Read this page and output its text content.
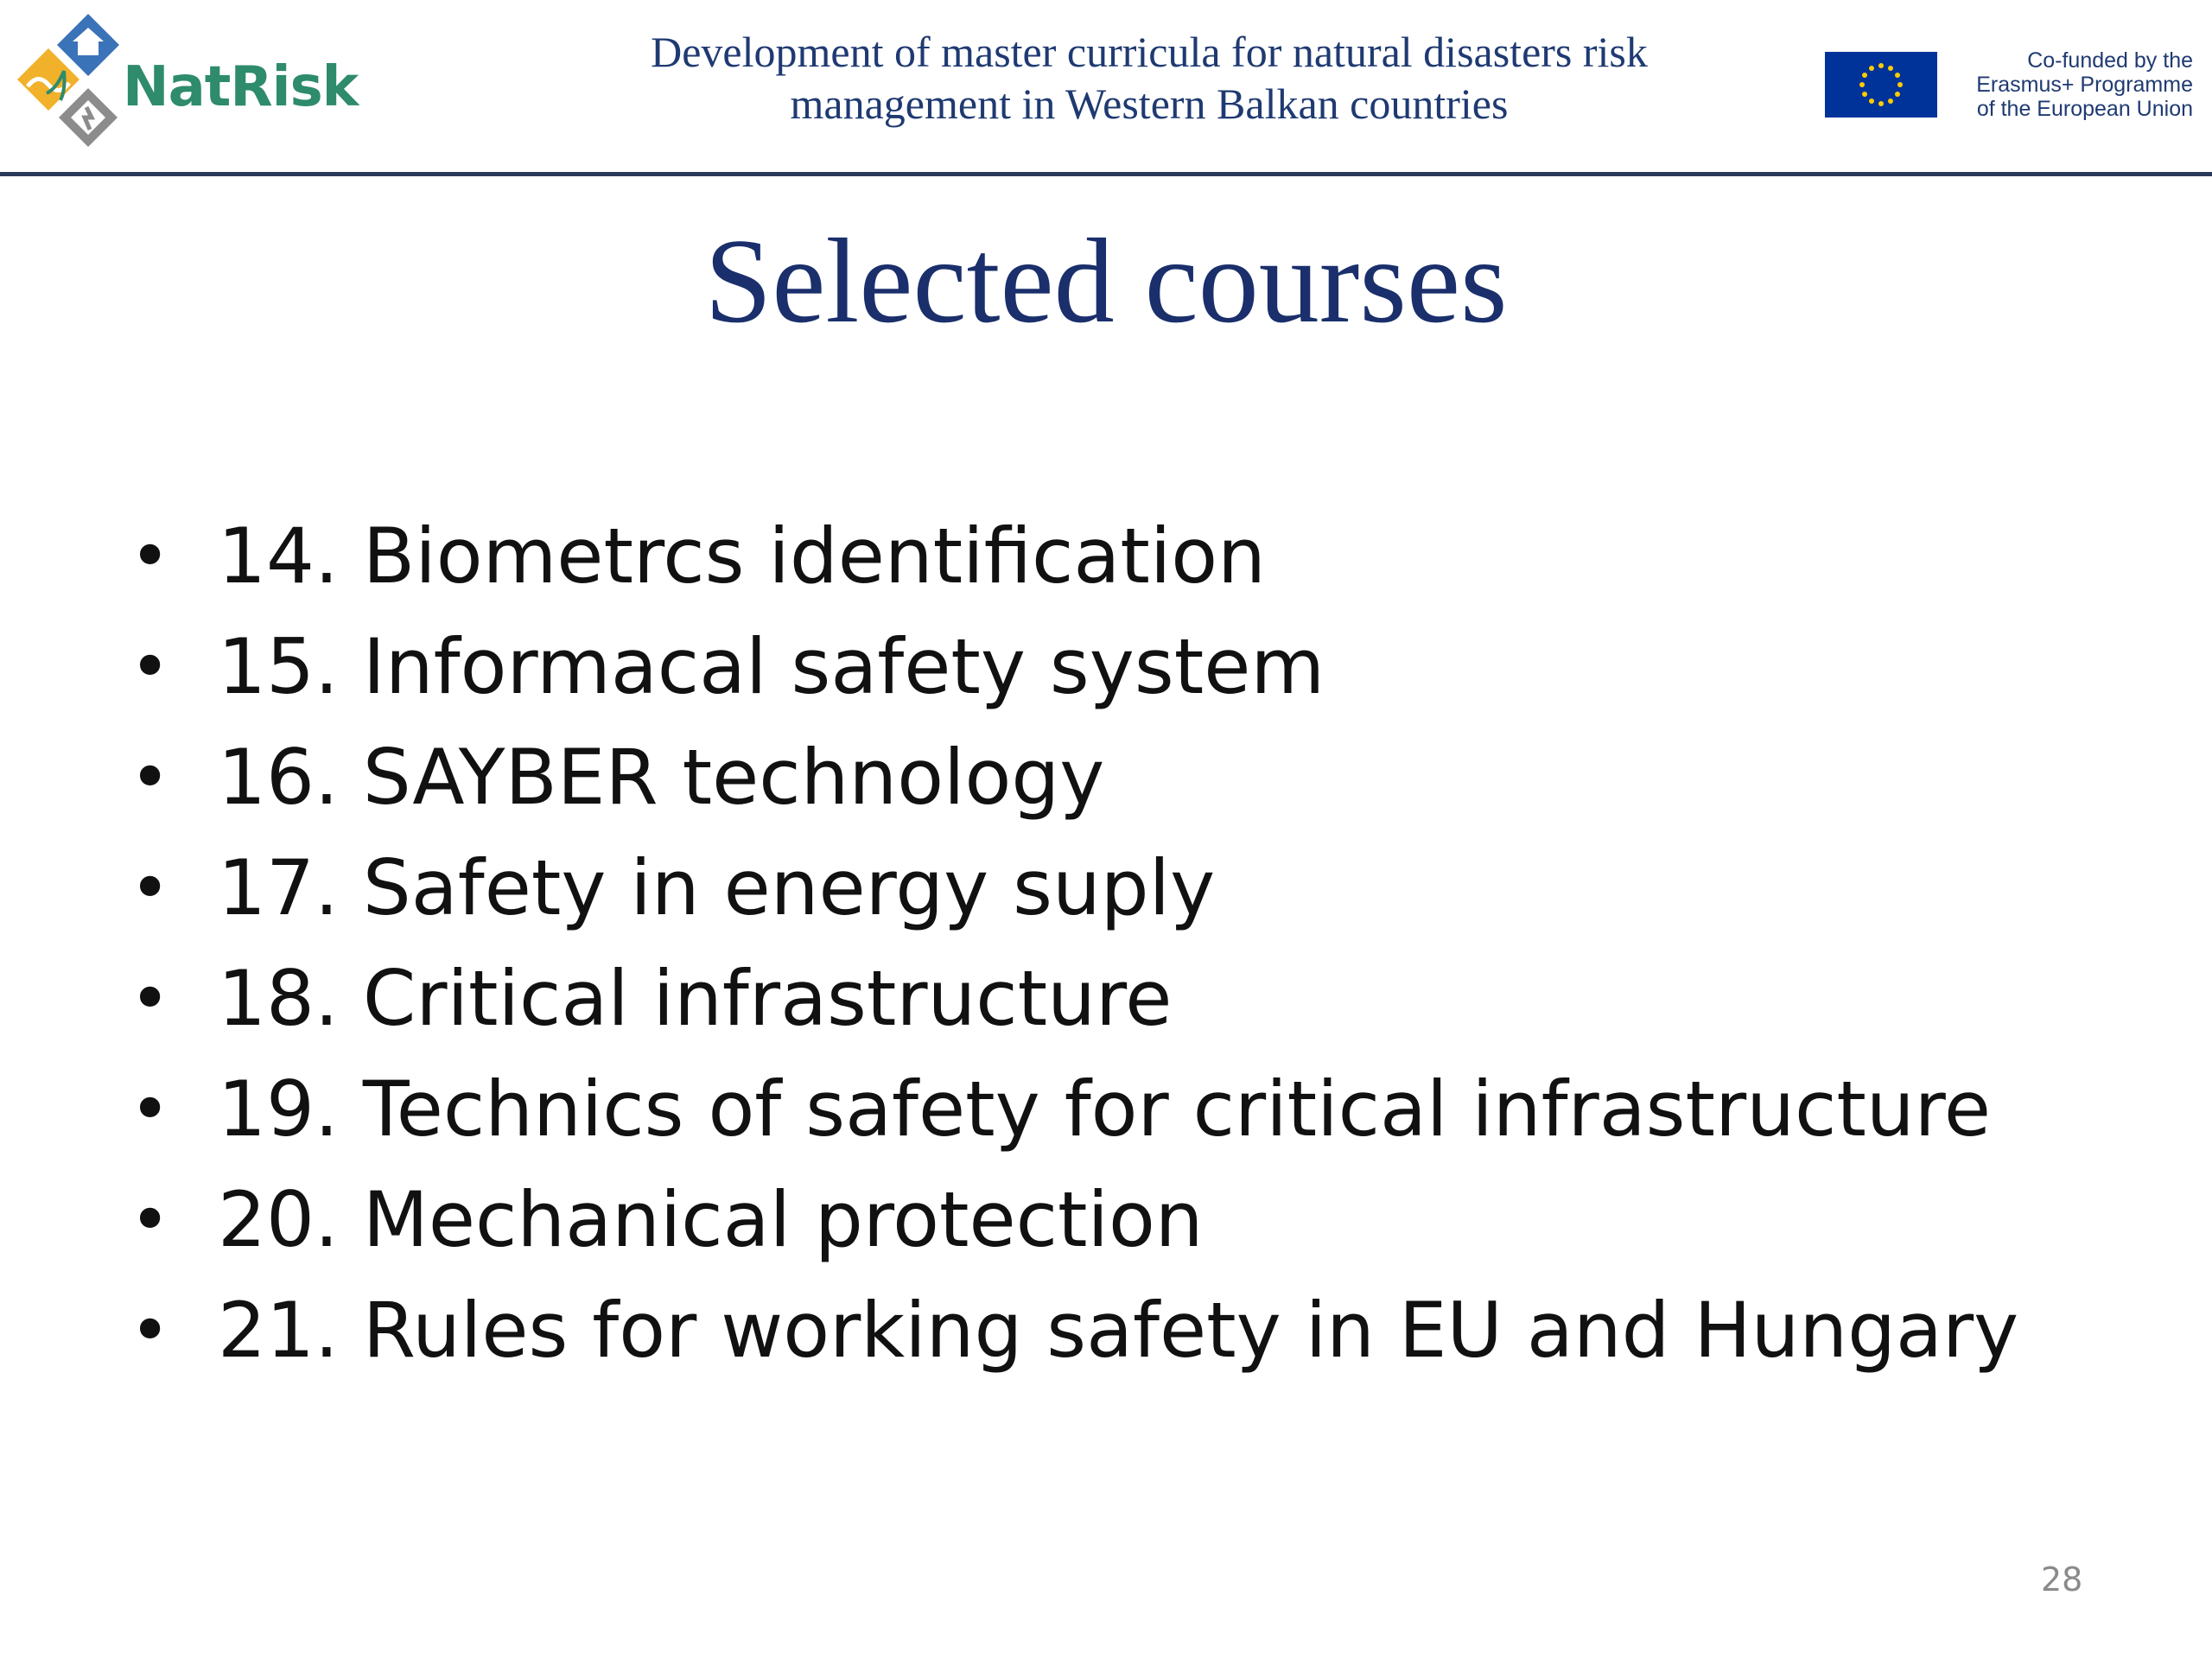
NatRisk
Development of master curricula for natural disasters risk
management in Western Balkan countries
Co-funded by the
Erasmus+ Programme
of the European Union
Selected courses
• 14. Biometrcs identification
• 15. Informacal safety system
• 16. SAYBER technology
• 17. Safety in energy suply
• 18. Critical infrastructure
• 19. Technics of safety for critical infrastructure
• 20. Mechanical protection
• 21. Rules for working safety in EU and Hungary
28
